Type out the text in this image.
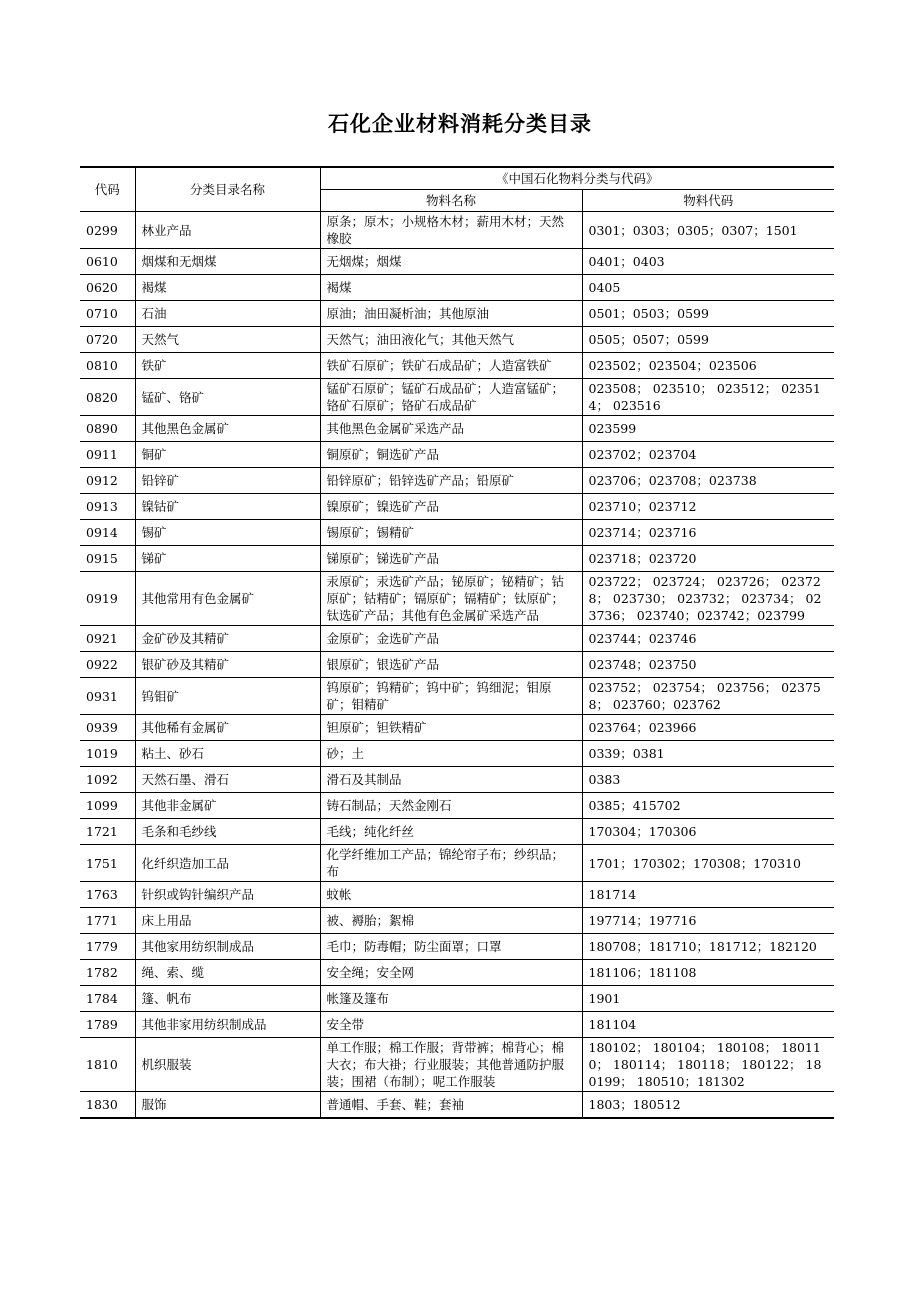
石化企业材料消耗分类目录
代码	分类目录名称	《中国石化物料分类与代码》	
		物料名称	物料代码
0299	林业产品	原条；原木；小规格木材；薪用木材；天然橡胶	0301；0303；0305；0307；1501
0610	烟煤和无烟煤	无烟煤；烟煤	0401；0403
0620	褐煤	褐煤	0405
0710	石油	原油；油田凝析油；其他原油	0501；0503；0599
0720	天然气	天然气；油田液化气；其他天然气	0505；0507；0599
0810	铁矿	铁矿石原矿；铁矿石成品矿；人造富铁矿	023502；023504；023506
0820	锰矿、铬矿	锰矿石原矿；锰矿石成品矿；人造富锰矿；铬矿石原矿；铬矿石成品矿	023508； 023510； 023512； 023514； 023516
0890	其他黑色金属矿	其他黑色金属矿采选产品	023599
0911	铜矿	铜原矿；铜选矿产品	023702；023704
0912	铅锌矿	铅锌原矿；铅锌选矿产品；铅原矿	023706；023708；023738
0913	镍钴矿	镍原矿；镍选矿产品	023710；023712
0914	锡矿	锡原矿；锡精矿	023714；023716
0915	锑矿	锑原矿；锑选矿产品	023718；023720
0919	其他常用有色金属矿	汞原矿；汞选矿产品；铋原矿；铋精矿；钴原矿；钴精矿；镉原矿；镉精矿；钛原矿；钛选矿产品；其他有色金属矿采选产品	023722； 023724； 023726； 023728； 023730； 023732； 023734； 023736； 023740；023742；023799
0921	金矿砂及其精矿	金原矿；金选矿产品	023744；023746
0922	银矿砂及其精矿	银原矿；银选矿产品	023748；023750
0931	钨钼矿	钨原矿；钨精矿；钨中矿；钨细泥；钼原矿；钼精矿	023752； 023754； 023756； 023758； 023760；023762
0939	其他稀有金属矿	钽原矿；钽铁精矿	023764；023966
1019	粘土、砂石	砂；土	0339；0381
1092	天然石墨、滑石	滑石及其制品	0383
1099	其他非金属矿	铸石制品；天然金刚石	0385；415702
1721	毛条和毛纱线	毛线；纯化纤丝	170304；170306
1751	化纤织造加工品	化学纤维加工产品；锦纶帘子布；纱织品；布	1701；170302；170308；170310
1763	针织或钩针编织产品	蚊帐	181714
1771	床上用品	被、褥胎；絮棉	197714；197716
1779	其他家用纺织制成品	毛巾；防毒帽；防尘面罩；口罩	180708；181710；181712；182120
1782	绳、索、缆	安全绳；安全网	181106；181108
1784	篷、帆布	帐篷及篷布	1901
1789	其他非家用纺织制成品	安全带	181104
1810	机织服装	单工作服；棉工作服；背带裤；棉背心；棉大衣；布大褂；行业服装；其他普通防护服装；围裙（布制）；呢工作服装	180102； 180104； 180108； 180110； 180114； 180118； 180122； 180199； 180510；181302
1830	服饰	普通帽、手套、鞋；套袖	1803；180512
